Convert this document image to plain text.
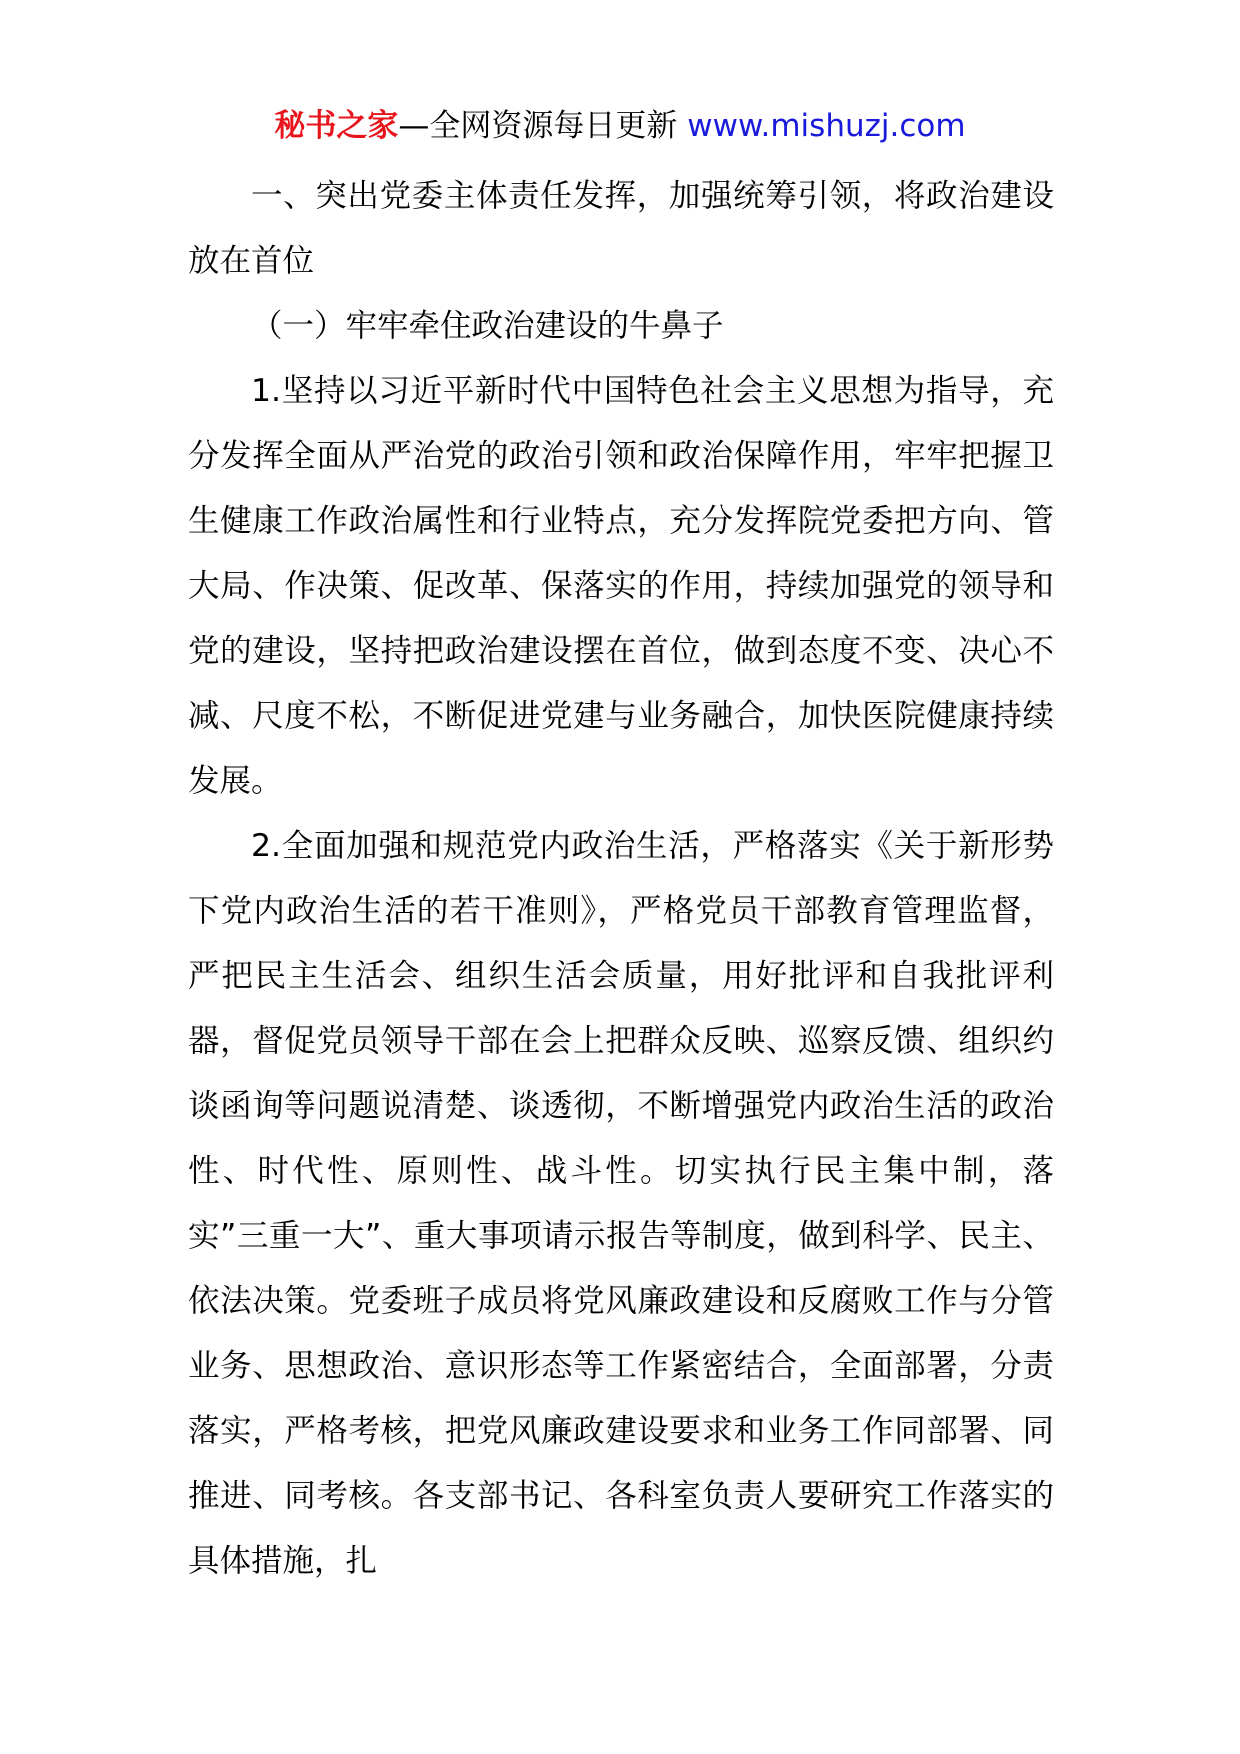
秘书之家—全网资源每日更新 www.mishuzj.com

一、突出党委主体责任发挥，加强统筹引领，将政治建设放在首位

（一）牢牢牵住政治建设的牛鼻子

1.坚持以习近平新时代中国特色社会主义思想为指导，充分发挥全面从严治党的政治引领和政治保障作用，牢牢把握卫生健康工作政治属性和行业特点，充分发挥院党委把方向、管大局、作决策、促改革、保落实的作用，持续加强党的领导和党的建设，坚持把政治建设摆在首位，做到态度不变、决心不减、尺度不松，不断促进党建与业务融合，加快医院健康持续发展。

2.全面加强和规范党内政治生活，严格落实《关于新形势下党内政治生活的若干准则》，严格党员干部教育管理监督，严把民主生活会、组织生活会质量，用好批评和自我批评利器，督促党员领导干部在会上把群众反映、巡察反馈、组织约谈函询等问题说清楚、谈透彻，不断增强党内政治生活的政治性、时代性、原则性、战斗性。切实执行民主集中制，落实”三重一大”、重大事项请示报告等制度，做到科学、民主、依法决策。党委班子成员将党风廉政建设和反腐败工作与分管业务、思想政治、意识形态等工作紧密结合，全面部署，分责落实，严格考核，把党风廉政建设要求和业务工作同部署、同推进、同考核。各支部书记、各科室负责人要研究工作落实的具体措施，扎
